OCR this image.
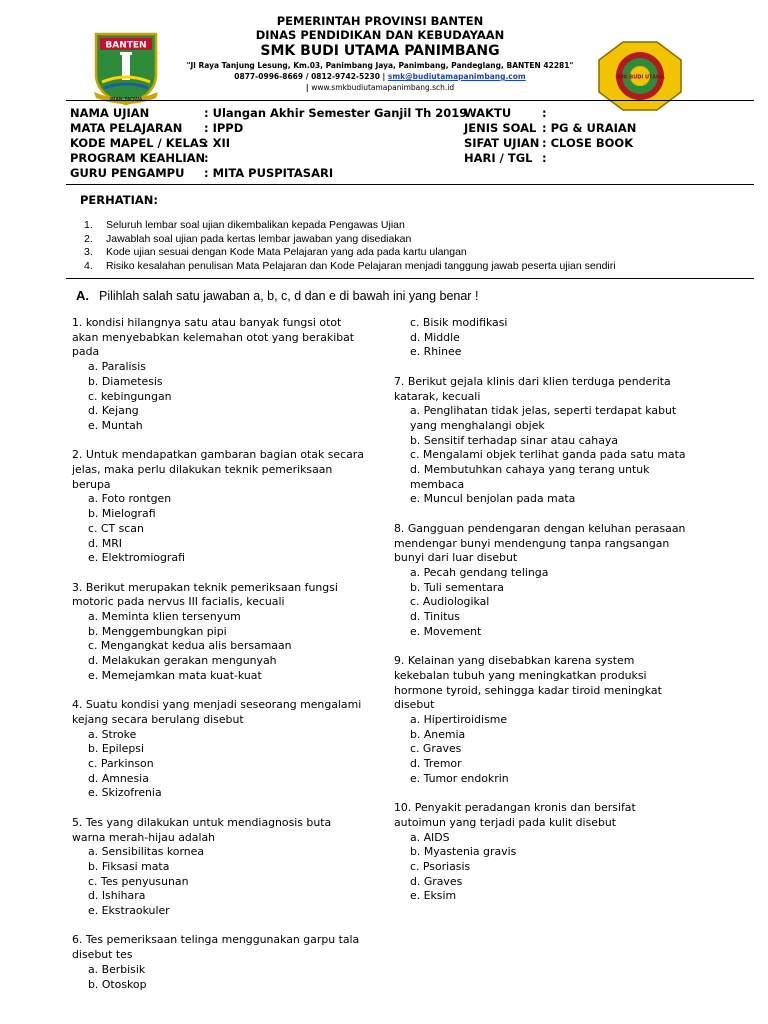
BANTEN
IMAN TAQWA
PEMERINTAH PROVINSI BANTEN
DINAS PENDIDIKAN DAN KEBUDAYAAN
SMK BUDI UTAMA PANIMBANG
"Jl Raya Tanjung Lesung, Km.03, Panimbang Jaya, Panimbang, Pandeglang, BANTEN 42281"
0877-0996-8669 / 0812-9742-5230 | smk@budiutamapanimbang.com
| www.smkbudiutamapanimbang.sch.id
SMK BUDI UTAMA
NAMA UJIAN	: Ulangan Akhir Semester Ganjil Th 2019
MATA PELAJARAN : IPPD
KODE MAPEL / KELAS
: XII
PROGRAM KEAHLIAN
:
GURU PENGAMPU : MITA PUSPITASARI
WAKTU	:
JENIS SOAL : PG & URAIAN
SIFAT UJIAN : CLOSE BOOK
HARI / TGL :
PERHATIAN:
1. Seluruh lembar soal ujian dikembalikan kepada Pengawas Ujian
2. Jawablah soal ujian pada kertas lembar jawaban yang disediakan
3. Kode ujian sesuai dengan Kode Mata Pelajaran yang ada pada kartu ulangan
4. Risiko kesalahan penulisan Mata Pelajaran dan Kode Pelajaran menjadi tanggung jawab peserta ujian sendiri
A. Pilihlah salah satu jawaban a, b, c, d dan e di bawah ini yang benar !
1. kondisi hilangnya satu atau banyak fungsi otot
akan menyebabkan kelemahan otot yang berakibat
pada
a. Paralisis
b. Diametesis
c. kebingungan
d. Kejang
e. Muntah
2. Untuk mendapatkan gambaran bagian otak secara
jelas, maka perlu dilakukan teknik pemeriksaan
berupa
a. Foto rontgen
b. Mielografi
c. CT scan
d. MRI
e. Elektromiografi
3. Berikut merupakan teknik pemeriksaan fungsi
motoric pada nervus III facialis, kecuali
a. Meminta klien tersenyum
b. Menggembungkan pipi
c. Mengangkat kedua alis bersamaan
d. Melakukan gerakan mengunyah
e. Memejamkan mata kuat-kuat
4. Suatu kondisi yang menjadi seseorang mengalami
kejang secara berulang disebut
a. Stroke
b. Epilepsi
c. Parkinson
d. Amnesia
e. Skizofrenia
5. Tes yang dilakukan untuk mendiagnosis buta
warna merah-hijau adalah
a. Sensibilitas kornea
b. Fiksasi mata
c. Tes penyusunan
d. Ishihara
e. Ekstraokuler
6. Tes pemeriksaan telinga menggunakan garpu tala
disebut tes
a. Berbisik
b. Otoskop
c. Bisik modifikasi
d. Middle
e. Rhinee
7. Berikut gejala klinis dari klien terduga penderita
katarak, kecuali
a. Penglihatan tidak jelas, seperti terdapat kabut
yang menghalangi objek
b. Sensitif terhadap sinar atau cahaya
c. Mengalami objek terlihat ganda pada satu mata
d. Membutuhkan cahaya yang terang untuk
membaca
e. Muncul benjolan pada mata
8. Gangguan pendengaran dengan keluhan perasaan
mendengar bunyi mendengung tanpa rangsangan
bunyi dari luar disebut
a. Pecah gendang telinga
b. Tuli sementara
c. Audiologikal
d. Tinitus
e. Movement
9. Kelainan yang disebabkan karena system
kekebalan tubuh yang meningkatkan produksi
hormone tyroid, sehingga kadar tiroid meningkat
disebut
a. Hipertiroidisme
b. Anemia
c. Graves
d. Tremor
e. Tumor endokrin
10. Penyakit peradangan kronis dan bersifat
autoimun yang terjadi pada kulit disebut
a. AIDS
b. Myastenia gravis
c. Psoriasis
d. Graves
e. Eksim
